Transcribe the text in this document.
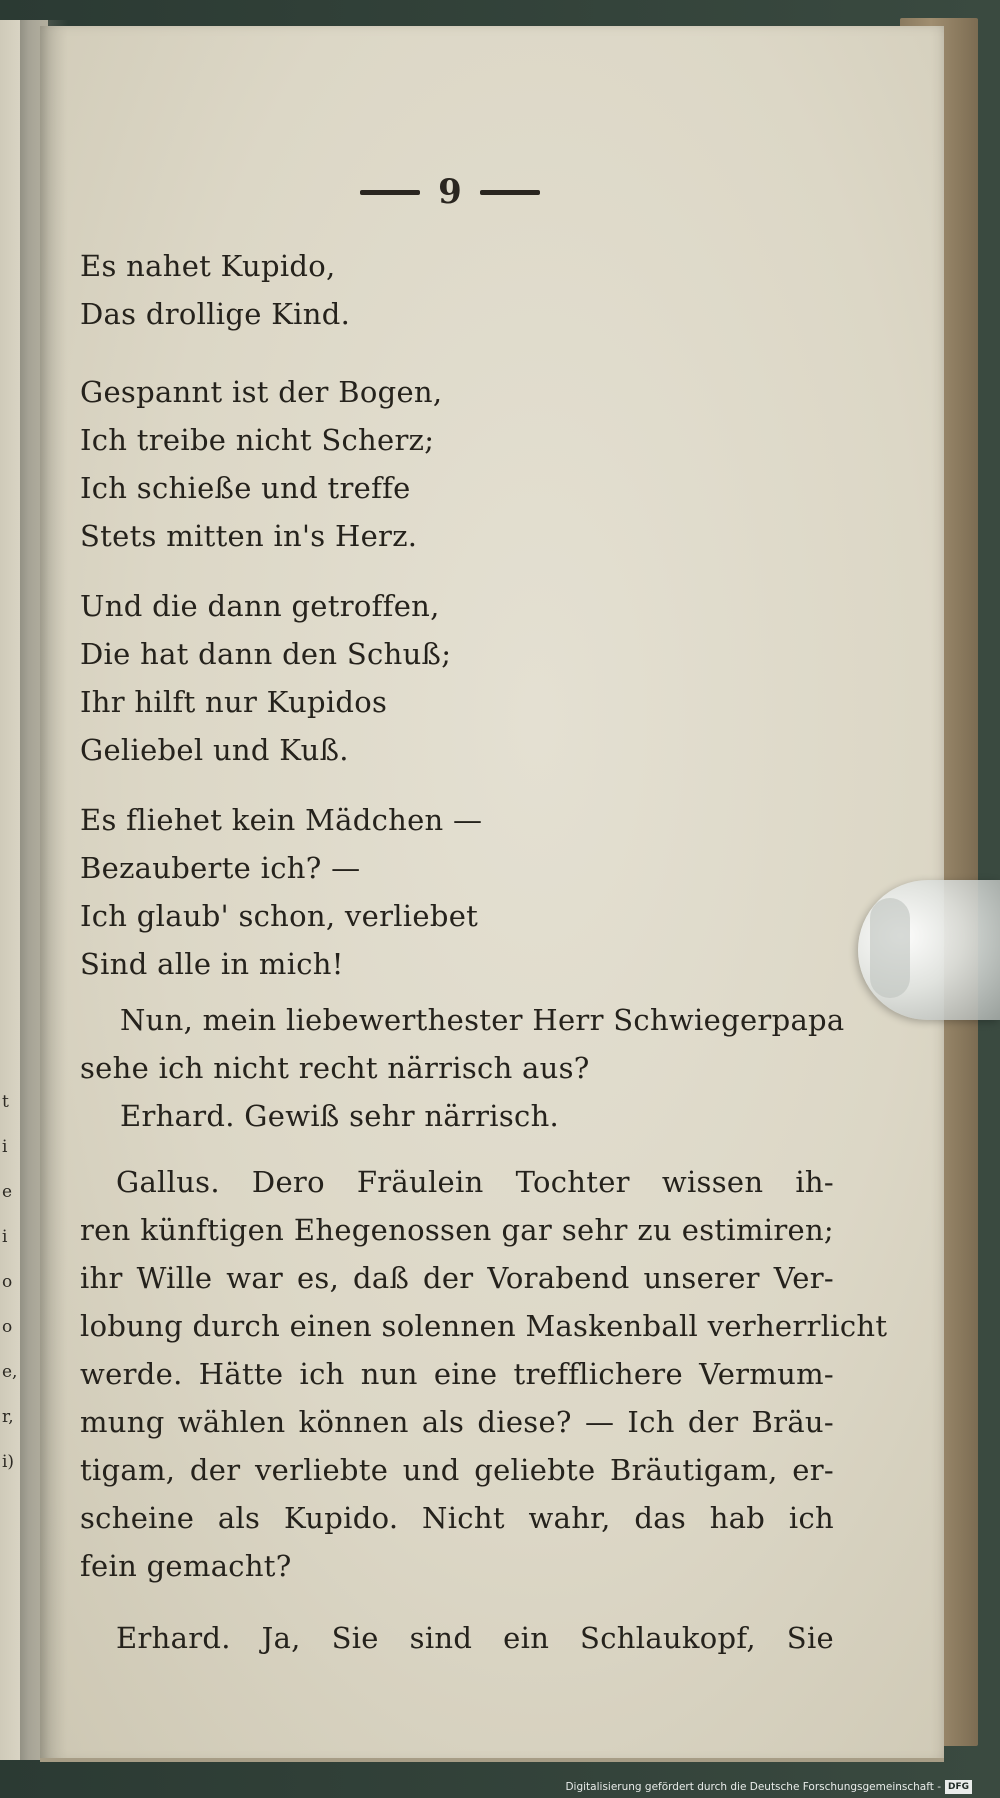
t
i
e
i
o
o
e,
r,
i)
9
Es nahet Kupido,
Das drollige Kind.
Gespannt ist der Bogen,
Ich treibe nicht Scherz;
Ich schieße und treffe
Stets mitten in's Herz.
Und die dann getroffen,
Die hat dann den Schuß;
Ihr hilft nur Kupidos
Geliebel und Kuß.
Es fliehet kein Mädchen —
Bezauberte ich? —
Ich glaub' schon, verliebet
Sind alle in mich!
Nun, mein liebewerthester Herr Schwiegerpapa
sehe ich nicht recht närrisch aus?
Erhard. Gewiß sehr närrisch.
Gallus. Dero Fräulein Tochter wissen ih-
ren künftigen Ehegenossen gar sehr zu estimiren;
ihr Wille war es, daß der Vorabend unserer Ver-
lobung durch einen solennen Maskenball verherrlicht
werde. Hätte ich nun eine trefflichere Vermum-
mung wählen können als diese? — Ich der Bräu-
tigam, der verliebte und geliebte Bräutigam, er-
scheine als Kupido. Nicht wahr, das hab ich
fein gemacht?
Erhard. Ja, Sie sind ein Schlaukopf, Sie
Digitalisierung gefördert durch die Deutsche Forschungsgemeinschaft - DFG
